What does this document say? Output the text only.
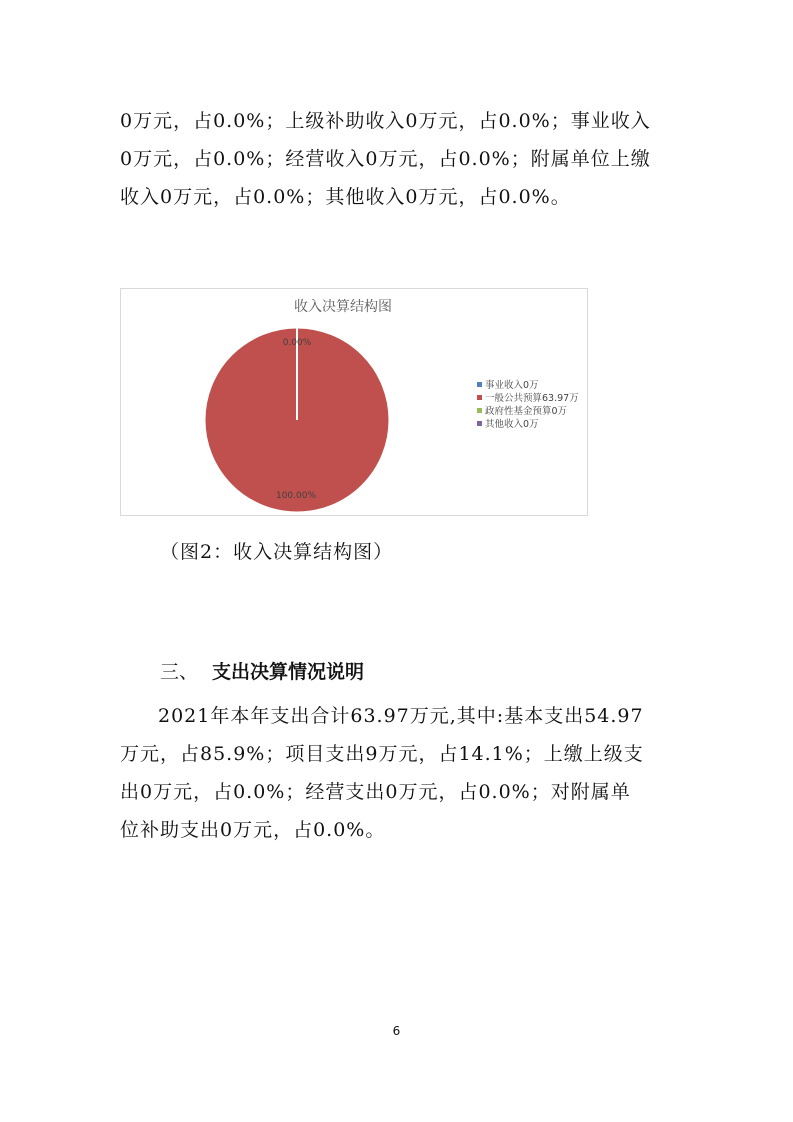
0万元，占0.0%；上级补助收入0万元，占0.0%；事业收入
0万元，占0.0%；经营收入0万元，占0.0%；附属单位上缴
收入0万元，占0.0%；其他收入0万元，占0.0%。
收入决算结构图
0.00%
100.00%
事业收入0万
一般公共预算63.97万
政府性基金预算0万
其他收入0万

（图2：收入决算结构图）

三、 支出决算情况说明
2021年本年支出合计63.97万元,其中:基本支出54.97
万元，占85.9%；项目支出9万元，占14.1%；上缴上级支
出0万元，占0.0%；经营支出0万元，占0.0%；对附属单
位补助支出0万元，占0.0%。
6
